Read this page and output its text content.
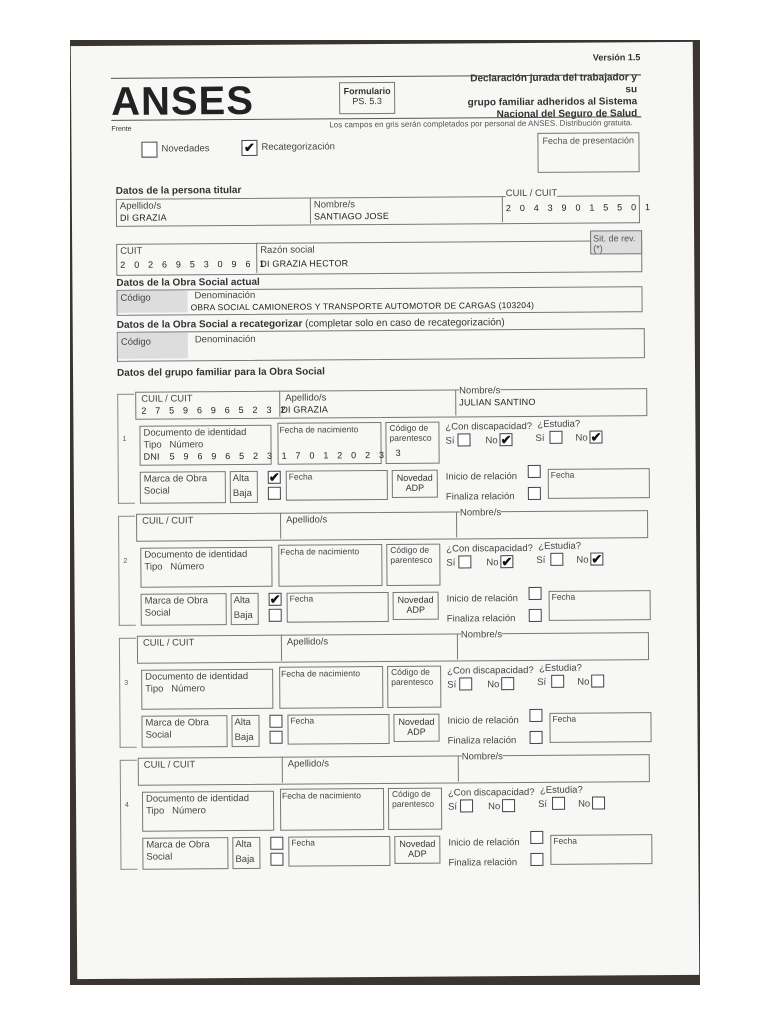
Versión 1.5
ANSES	Formulario
PS. 5.3
Declaración jurada del trabajador y su
grupo familiar adheridos al Sistema
Nacional del Seguro de Salud
Frente	Los campos en gris serán completados por personal de ANSES. Distribución gratuita.
Novedades	✔ Recategorización
Fecha de presentación
Datos de la persona titular
Apellido/s
DI GRAZIA
Nombre/s
SANTIAGO JOSE
CUIL / CUIT
2 0 4 3 9 0 1 5 5 0 1
Sit. de rev. (*)
CUIT
2 0 2 6 9 5 3 0 9 6 1
Razón social
DI GRAZIA HECTOR
Datos de la Obra Social actual
Código	Denominación
OBRA SOCIAL CAMIONEROS Y TRANSPORTE AUTOMOTOR DE CARGAS (103204)
Datos de la Obra Social a recategorizar (completar solo en caso de recategorización)
Código	Denominación
Datos del grupo familiar para la Obra Social
1
CUIL / CUIT
2 7 5 9 6 9 6 5 2 3 2
Apellido/s
DI GRAZIA
Nombre/s
JULIAN SANTINO
Documento de identidad
Tipo Número
DNI 5 9 6 9 6 5 2 3
Fecha de nacimiento
1 7 0 1 2 0 2 3
Código de
parentesco
3
¿Con discapacidad?
Sí	No ✔
¿Estudia?
Sí	No ✔
Marca de Obra
Social
Alta
Baja
✔ Fecha	Novedad
ADP
Inicio de relación
Finaliza relación
Fecha
2
CUIL / CUIT	Apellido/s
Nombre/s
Documento de identidad
Tipo Número
Fecha de nacimiento	Código de
parentesco
¿Con discapacidad?
Sí	No ✔
¿Estudia?
Sí	No ✔
Marca de Obra
Social
Alta
Baja
✔ Fecha	Novedad
ADP
Inicio de relación
Finaliza relación
Fecha
3
CUIL / CUIT	Apellido/s
Nombre/s
Documento de identidad
Tipo Número
Fecha de nacimiento	Código de
parentesco
¿Con discapacidad?
Sí	No
¿Estudia?
Sí	No
Marca de Obra
Social
Alta
Baja
Fecha	Novedad
ADP
Inicio de relación
Finaliza relación
Fecha
4
CUIL / CUIT	Apellido/s
Nombre/s
Documento de identidad
Tipo Número
Fecha de nacimiento	Código de
parentesco
¿Con discapacidad?
Sí	No
¿Estudia?
Sí	No
Marca de Obra
Social
Alta
Baja
Fecha	Novedad
ADP
Inicio de relación
Finaliza relación
Fecha
